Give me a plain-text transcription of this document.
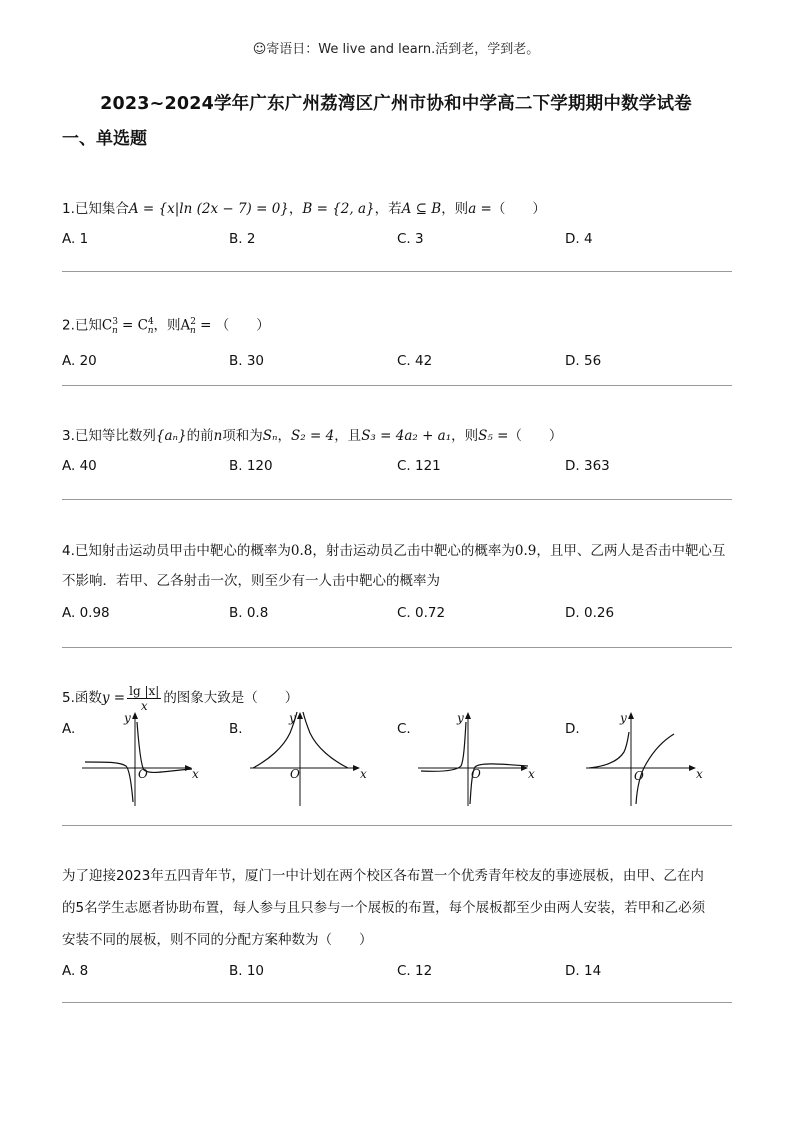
☺寄语日：We live and learn.活到老，学到老。
2023~2024学年广东广州荔湾区广州市协和中学高二下学期期中数学试卷
一、单选题
1.已知集合A = {x|ln (2x − 7) = 0}，B = {2, a}，若A ⊆ B，则a =（　　）
A. 1	B. 2	C. 3	D. 4
2.已知$C^3_n = C^4_n$，则$A^2_n$ = （　　）
A. 20	B. 30	C. 42	D. 56
3.已知等比数列{aₙ}的前n项和为Sₙ，S₂ = 4，且S₃ = 4a₂ + a₁，则S₅ =（　　）
A. 40	B. 120	C. 121	D. 363
4.已知射击运动员甲击中靶心的概率为0.8，射击运动员乙击中靶心的概率为0.9，且甲、乙两人是否击中靶心互
不影响．若甲、乙各射击一次，则至少有一人击中靶心的概率为
A. 0.98	B. 0.8	C. 0.72	D. 0.26
5.函数$y = \frac{\lg |x|}{x}$ 的图象大致是（　　）
A.	B.	C.	D.
x
y
O	x
y
O	x
y
O	x
y
O
为了迎接2023年五四青年节，厦门一中计划在两个校区各布置一个优秀青年校友的事迹展板，由甲、乙在内
的5名学生志愿者协助布置，每人参与且只参与一个展板的布置，每个展板都至少由两人安装，若甲和乙必须
安装不同的展板，则不同的分配方案种数为（　　）
A. 8	B. 10	C. 12	D. 14
